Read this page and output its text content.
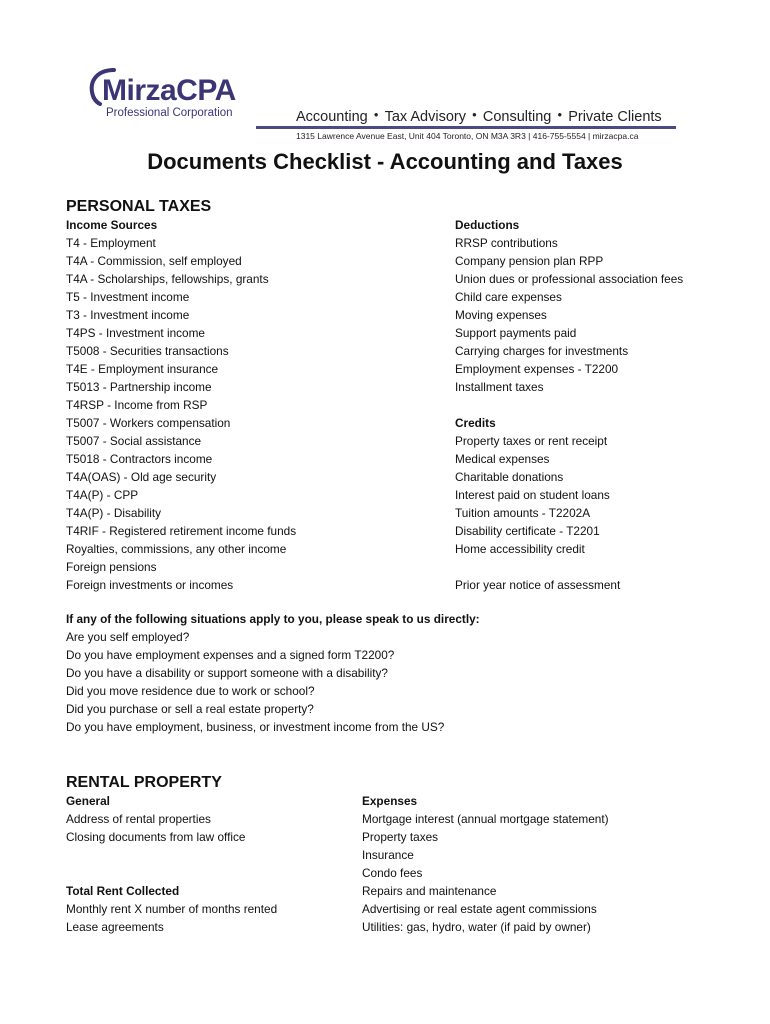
MirzaCPA
Professional Corporation	Accounting ● Tax Advisory ● Consulting ● Private Clients
1315 Lawrence Avenue East, Unit 404 Toronto, ON M3A 3R3 | 416-755-5554 | mirzacpa.ca
Documents Checklist - Accounting and Taxes
PERSONAL TAXES
Income Sources
T4 - Employment
T4A - Commission, self employed
T4A - Scholarships, fellowships, grants
T5 - Investment income
T3 - Investment income
T4PS - Investment income
T5008 - Securities transactions
T4E - Employment insurance
T5013 - Partnership income
T4RSP - Income from RSP
T5007 - Workers compensation
T5007 - Social assistance
T5018 - Contractors income
T4A(OAS) - Old age security
T4A(P) - CPP
T4A(P) - Disability
T4RIF - Registered retirement income funds
Royalties, commissions, any other income
Foreign pensions
Foreign investments or incomes
Deductions
RRSP contributions
Company pension plan RPP
Union dues or professional association fees
Child care expenses
Moving expenses
Support payments paid
Carrying charges for investments
Employment expenses - T2200
Installment taxes
Credits
Property taxes or rent receipt
Medical expenses
Charitable donations
Interest paid on student loans
Tuition amounts - T2202A
Disability certificate - T2201
Home accessibility credit
Prior year notice of assessment
If any of the following situations apply to you, please speak to us directly:
Are you self employed?
Do you have employment expenses and a signed form T2200?
Do you have a disability or support someone with a disability?
Did you move residence due to work or school?
Did you purchase or sell a real estate property?
Do you have employment, business, or investment income from the US?
RENTAL PROPERTY
General
Address of rental properties
Closing documents from law office
Total Rent Collected
Monthly rent X number of months rented
Lease agreements
Expenses
Mortgage interest (annual mortgage statement)
Property taxes
Insurance
Condo fees
Repairs and maintenance
Advertising or real estate agent commissions
Utilities: gas, hydro, water (if paid by owner)
